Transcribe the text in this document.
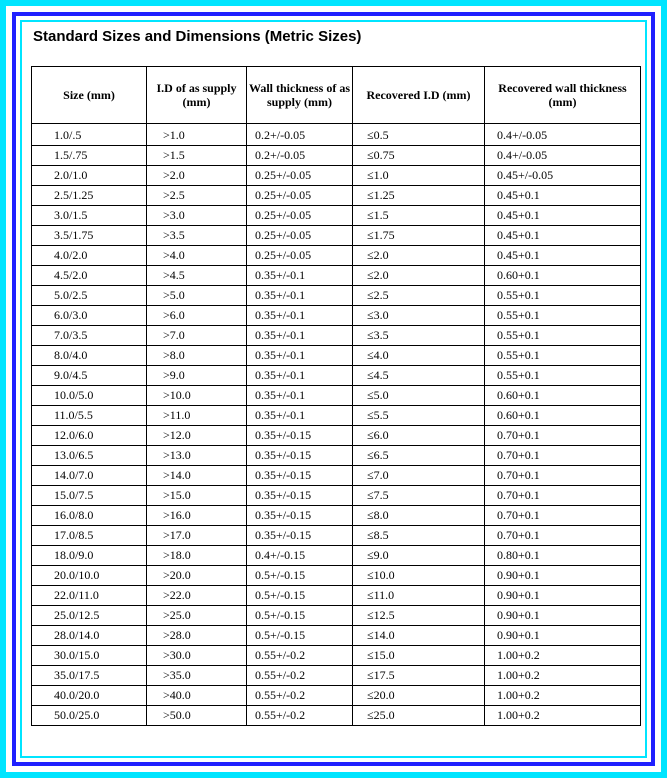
Standard Sizes and Dimensions (Metric Sizes)
Size (mm)	I.D of as supply (mm)	Wall thickness of as supply (mm)	Recovered I.D (mm)	Recovered wall thickness (mm)
1.0/.5	>1.0	0.2+/-0.05	≤0.5	0.4+/-0.05
1.5/.75	>1.5	0.2+/-0.05	≤0.75	0.4+/-0.05
2.0/1.0	>2.0	0.25+/-0.05	≤1.0	0.45+/-0.05
2.5/1.25	>2.5	0.25+/-0.05	≤1.25	0.45+0.1
3.0/1.5	>3.0	0.25+/-0.05	≤1.5	0.45+0.1
3.5/1.75	>3.5	0.25+/-0.05	≤1.75	0.45+0.1
4.0/2.0	>4.0	0.25+/-0.05	≤2.0	0.45+0.1
4.5/2.0	>4.5	0.35+/-0.1	≤2.0	0.60+0.1
5.0/2.5	>5.0	0.35+/-0.1	≤2.5	0.55+0.1
6.0/3.0	>6.0	0.35+/-0.1	≤3.0	0.55+0.1
7.0/3.5	>7.0	0.35+/-0.1	≤3.5	0.55+0.1
8.0/4.0	>8.0	0.35+/-0.1	≤4.0	0.55+0.1
9.0/4.5	>9.0	0.35+/-0.1	≤4.5	0.55+0.1
10.0/5.0	>10.0	0.35+/-0.1	≤5.0	0.60+0.1
11.0/5.5	>11.0	0.35+/-0.1	≤5.5	0.60+0.1
12.0/6.0	>12.0	0.35+/-0.15	≤6.0	0.70+0.1
13.0/6.5	>13.0	0.35+/-0.15	≤6.5	0.70+0.1
14.0/7.0	>14.0	0.35+/-0.15	≤7.0	0.70+0.1
15.0/7.5	>15.0	0.35+/-0.15	≤7.5	0.70+0.1
16.0/8.0	>16.0	0.35+/-0.15	≤8.0	0.70+0.1
17.0/8.5	>17.0	0.35+/-0.15	≤8.5	0.70+0.1
18.0/9.0	>18.0	0.4+/-0.15	≤9.0	0.80+0.1
20.0/10.0	>20.0	0.5+/-0.15	≤10.0	0.90+0.1
22.0/11.0	>22.0	0.5+/-0.15	≤11.0	0.90+0.1
25.0/12.5	>25.0	0.5+/-0.15	≤12.5	0.90+0.1
28.0/14.0	>28.0	0.5+/-0.15	≤14.0	0.90+0.1
30.0/15.0	>30.0	0.55+/-0.2	≤15.0	1.00+0.2
35.0/17.5	>35.0	0.55+/-0.2	≤17.5	1.00+0.2
40.0/20.0	>40.0	0.55+/-0.2	≤20.0	1.00+0.2
50.0/25.0	>50.0	0.55+/-0.2	≤25.0	1.00+0.2
